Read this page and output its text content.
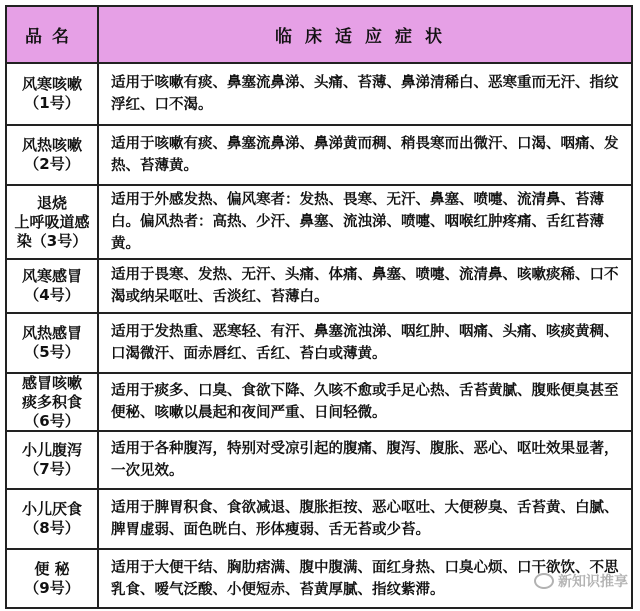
品名	临床适应症状
风寒咳嗽
（1号）

适用于咳嗽有痰、鼻塞流鼻涕、头痛、苔薄、鼻涕清稀白、恶寒重而无汗、指纹浮红、口不渴。

风热咳嗽
（2号）

适用于咳嗽有痰、鼻塞流鼻涕、鼻涕黄而稠、稍畏寒而出微汗、口渴、咽痛、发热、苔薄黄。

退烧
上呼吸道感
染（3号）

适用于外感发热、偏风寒者：发热、畏寒、无汗、鼻塞、喷嚏、流清鼻、苔薄白。偏风热者：高热、少汗、鼻塞、流浊涕、喷嚏、咽喉红肿疼痛、舌红苔薄黄。

风寒感冒
（4号）

适用于畏寒、发热、无汗、头痛、体痛、鼻塞、喷嚏、流清鼻、咳嗽痰稀、口不渴或纳呆呕吐、舌淡红、苔薄白。

风热感冒
（5号）

适用于发热重、恶寒轻、有汗、鼻塞流浊涕、咽红肿、咽痛、头痛、咳痰黄稠、口渴微汗、面赤唇红、舌红、苔白或薄黄。

感冒咳嗽
痰多积食
（6号）

适用于痰多、口臭、食欲下降、久咳不愈或手足心热、舌苔黄腻、腹账便臭甚至便秘、咳嗽以晨起和夜间严重、日间轻微。

小儿腹泻
（7号）

适用于各种腹泻，特别对受凉引起的腹痛、腹泻、腹胀、恶心、呕吐效果显著，一次见效。

小儿厌食
（8号）

适用于脾胃积食、食欲减退、腹胀拒按、恶心呕吐、大便秽臭、舌苔黄、白腻、脾胃虚弱、面色晄白、形体瘦弱、舌无苔或少苔。

便 秘
（9号）

适用于大便干结、胸肋痞满、腹中腹满、面红身热、口臭心烦、口干欲饮、不思乳食、嗳气泛酸、小便短赤、苔黄厚腻、指纹紫滞。	新知识推享
